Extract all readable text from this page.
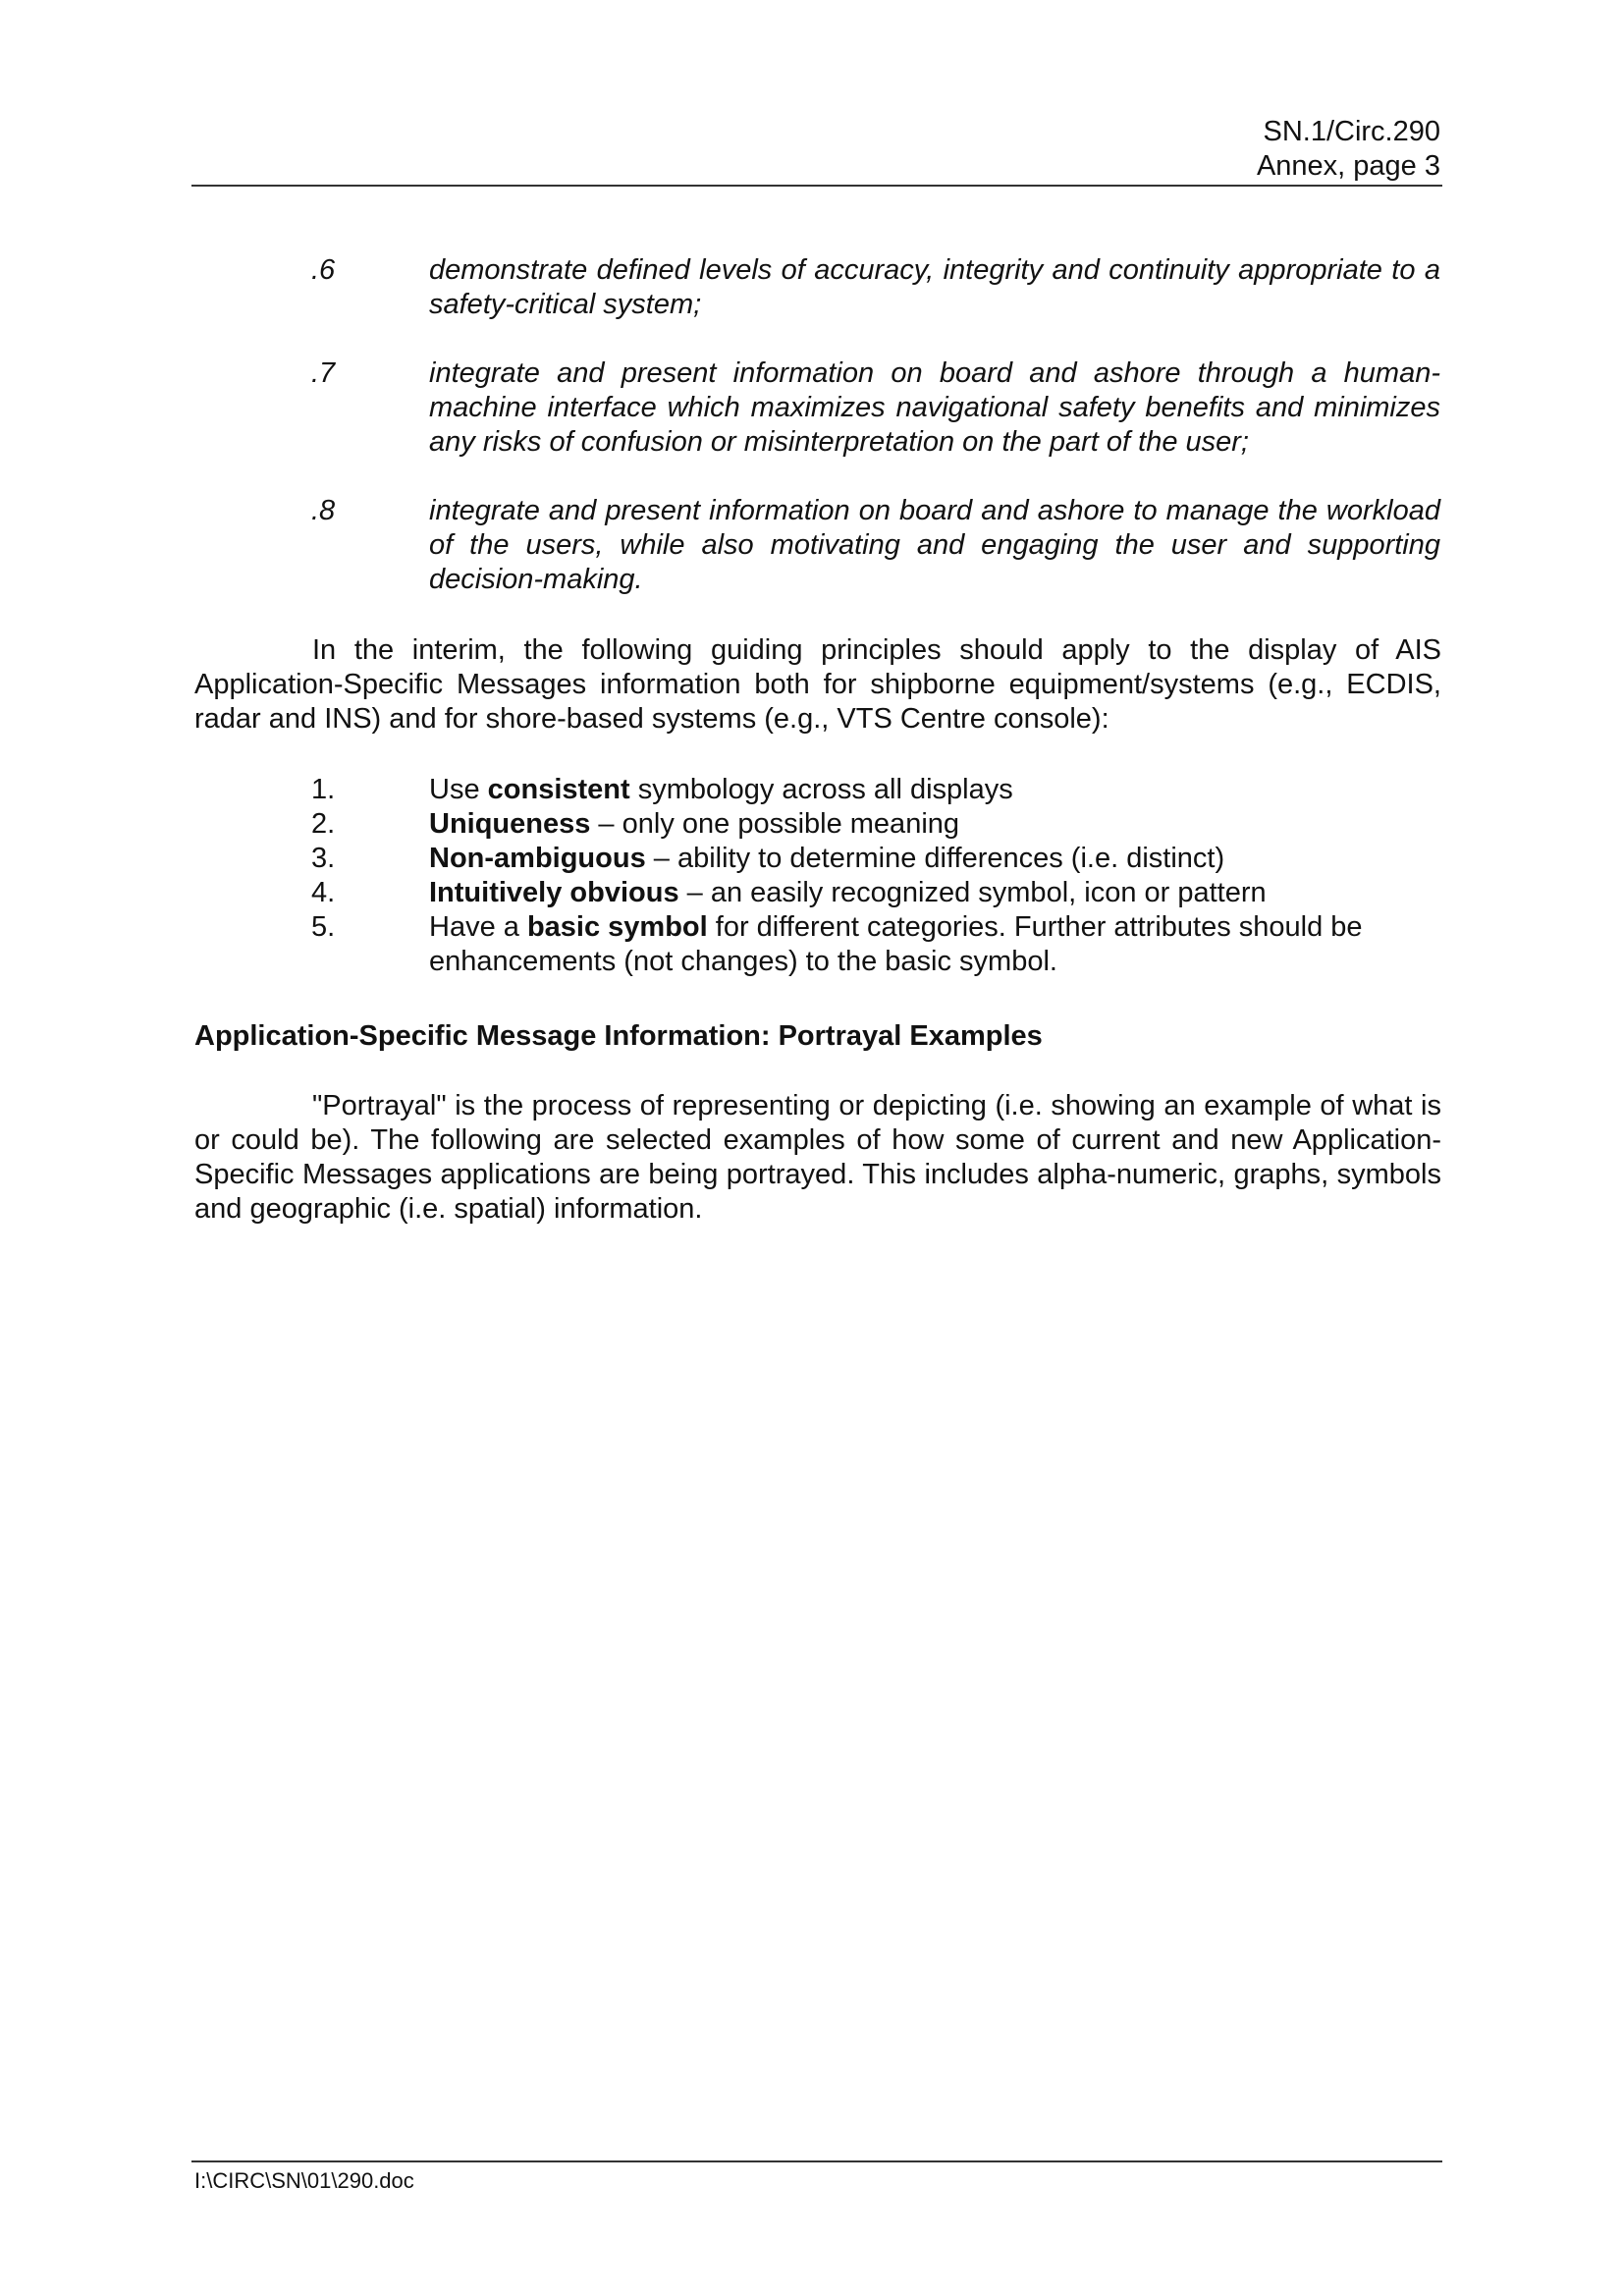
SN.1/Circ.290
Annex, page 3
.6	demonstrate defined levels of accuracy, integrity and continuity appropriate to a safety-critical system;
.7	integrate and present information on board and ashore through a human-machine interface which maximizes navigational safety benefits and minimizes any risks of confusion or misinterpretation on the part of the user;
.8	integrate and present information on board and ashore to manage the workload of the users, while also motivating and engaging the user and supporting decision-making.
In the interim, the following guiding principles should apply to the display of AIS Application-Specific Messages information both for shipborne equipment/systems (e.g., ECDIS, radar and INS) and for shore-based systems (e.g., VTS Centre console):
1.	Use consistent symbology across all displays
2.	Uniqueness – only one possible meaning
3.	Non-ambiguous – ability to determine differences (i.e. distinct)
4.	Intuitively obvious – an easily recognized symbol, icon or pattern
5.	Have a basic symbol for different categories. Further attributes should be enhancements (not changes) to the basic symbol.
Application-Specific Message Information: Portrayal Examples
"Portrayal" is the process of representing or depicting (i.e. showing an example of what is or could be). The following are selected examples of how some of current and new Application-Specific Messages applications are being portrayed. This includes alpha-numeric, graphs, symbols and geographic (i.e. spatial) information.
I:\CIRC\SN\01\290.doc
